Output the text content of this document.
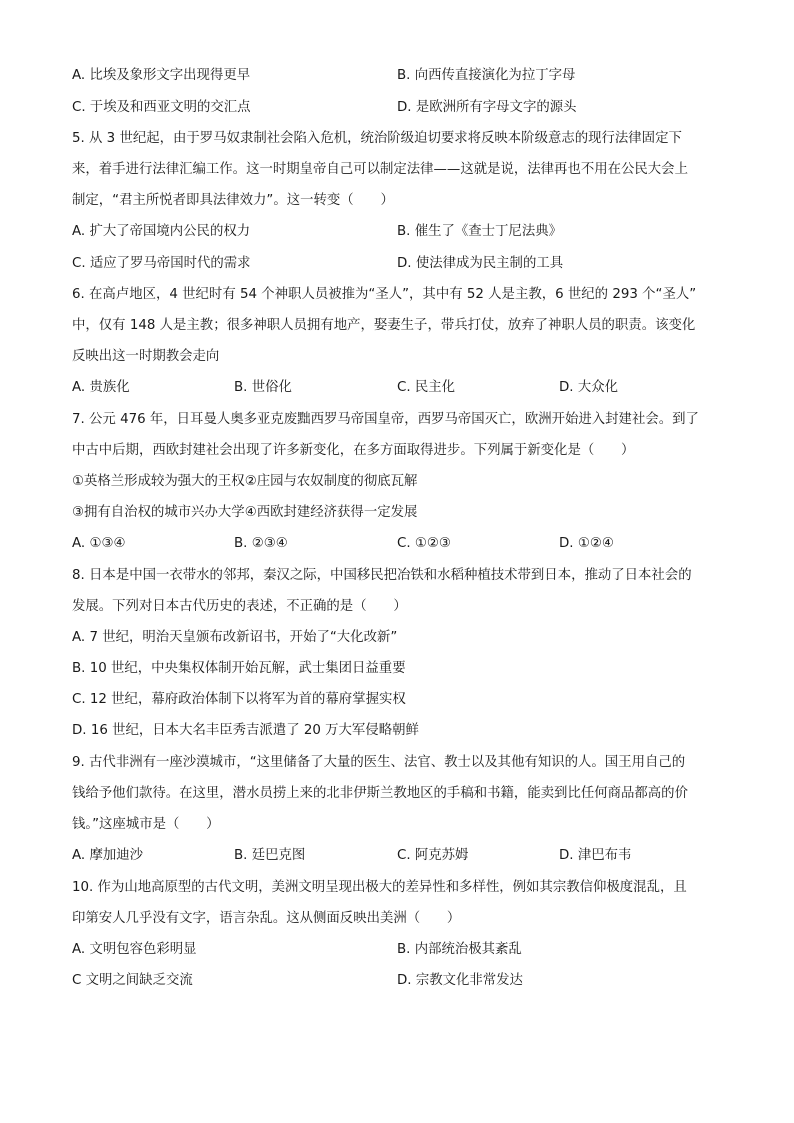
A. 比埃及象形文字出现得更早	B. 向西传直接演化为拉丁字母
C. 于埃及和西亚文明的交汇点	D. 是欧洲所有字母文字的源头
5. 从 3 世纪起，由于罗马奴隶制社会陷入危机，统治阶级迫切要求将反映本阶级意志的现行法律固定下
来，着手进行法律汇编工作。这一时期皇帝自己可以制定法律——这就是说，法律再也不用在公民大会上
制定，“君主所悦者即具法律效力”。这一转变（　　）
A. 扩大了帝国境内公民的权力	B. 催生了《查士丁尼法典》
C. 适应了罗马帝国时代的需求	D. 使法律成为民主制的工具
6. 在高卢地区，4 世纪时有 54 个神职人员被推为“圣人”，其中有 52 人是主教，6 世纪的 293 个“圣人”
中，仅有 148 人是主教；很多神职人员拥有地产，娶妻生子，带兵打仗，放弃了神职人员的职责。该变化
反映出这一时期教会走向
A. 贵族化	B. 世俗化	C. 民主化	D. 大众化
7. 公元 476 年，日耳曼人奥多亚克废黜西罗马帝国皇帝，西罗马帝国灭亡，欧洲开始进入封建社会。到了
中古中后期，西欧封建社会出现了许多新变化，在多方面取得进步。下列属于新变化是（　　）
①英格兰形成较为强大的王权②庄园与农奴制度的彻底瓦解
③拥有自治权的城市兴办大学④西欧封建经济获得一定发展
A. ①③④	B. ②③④	C. ①②③	D. ①②④
8. 日本是中国一衣带水的邻邦，秦汉之际，中国移民把冶铁和水稻种植技术带到日本，推动了日本社会的
发展。下列对日本古代历史的表述，不正确的是（　　）
A. 7 世纪，明治天皇颁布改新诏书，开始了“大化改新”
B. 10 世纪，中央集权体制开始瓦解，武士集团日益重要
C. 12 世纪，幕府政治体制下以将军为首的幕府掌握实权
D. 16 世纪，日本大名丰臣秀吉派遣了 20 万大军侵略朝鲜
9. 古代非洲有一座沙漠城市，“这里储备了大量的医生、法官、教士以及其他有知识的人。国王用自己的
钱给予他们款待。在这里，潜水员捞上来的北非伊斯兰教地区的手稿和书籍，能卖到比任何商品都高的价
钱。”这座城市是（　　）
A. 摩加迪沙	B. 廷巴克图	C. 阿克苏姆	D. 津巴布韦
10. 作为山地高原型的古代文明，美洲文明呈现出极大的差异性和多样性，例如其宗教信仰极度混乱，且
印第安人几乎没有文字，语言杂乱。这从侧面反映出美洲（　　）
A. 文明包容色彩明显	B. 内部统治极其紊乱
C 文明之间缺乏交流	D. 宗教文化非常发达
